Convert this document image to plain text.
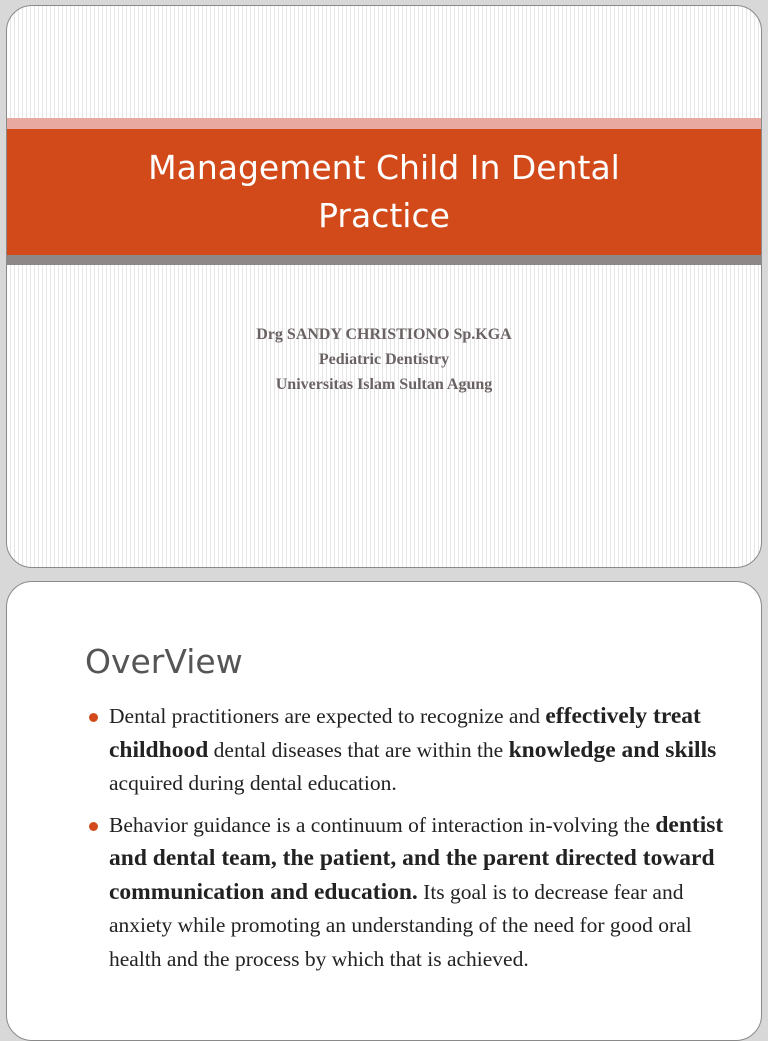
Management Child In Dental Practice
Drg SANDY CHRISTIONO Sp.KGA
Pediatric Dentistry
Universitas Islam Sultan Agung
OverView
Dental practitioners are expected to recognize and effectively treat childhood dental diseases that are within the knowledge and skills acquired during dental education.
Behavior guidance is a continuum of interaction in-volving the dentist and dental team, the patient, and the parent directed toward communication and education. Its goal is to decrease fear and anxiety while promoting an understanding of the need for good oral health and the process by which that is achieved.
